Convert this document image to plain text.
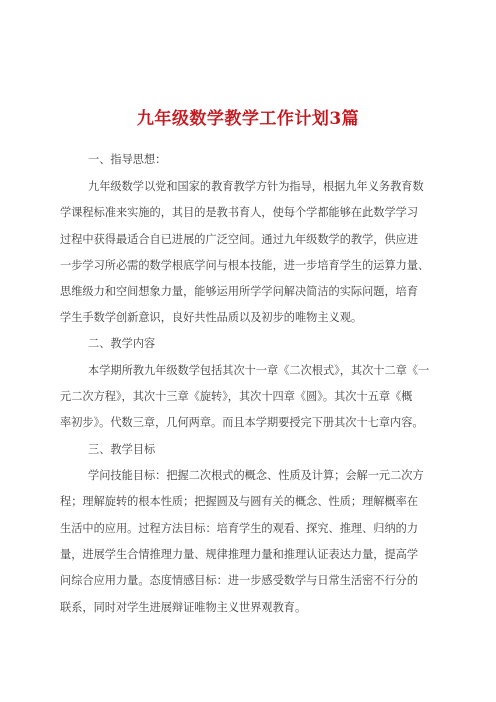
九年级数学教学工作计划3篇
一、指导思想：
九年级数学以党和国家的教育教学方针为指导，根据九年义务教育数
学课程标准来实施的，其目的是教书育人，使每个学都能够在此数学学习
过程中获得最适合自已进展的广泛空间。通过九年级数学的教学，供应进
一步学习所必需的数学根底学问与根本技能，进一步培育学生的运算力量、
思维级力和空间想象力量，能够运用所学学问解决简洁的实际问题，培育
学生手数学创新意识，良好共性品质以及初步的唯物主义观。
二、教学内容
本学期所教九年级数学包括其次十一章《二次根式》，其次十二章《一
元二次方程》，其次十三章《旋转》，其次十四章《圆》。其次十五章《概
率初步》。代数三章，几何两章。而且本学期要授完下册其次十七章内容。
三、教学目标
学问技能目标：把握二次根式的概念、性质及计算；会解一元二次方
程；理解旋转的根本性质；把握圆及与圆有关的概念、性质；理解概率在
生活中的应用。过程方法目标：培育学生的观看、探究、推理、归纳的力
量，进展学生合情推理力量、规律推理力量和推理认证表达力量，提高学
问综合应用力量。态度情感目标：进一步感受数学与日常生活密不行分的
联系，同时对学生进展辩证唯物主义世界观教育。
